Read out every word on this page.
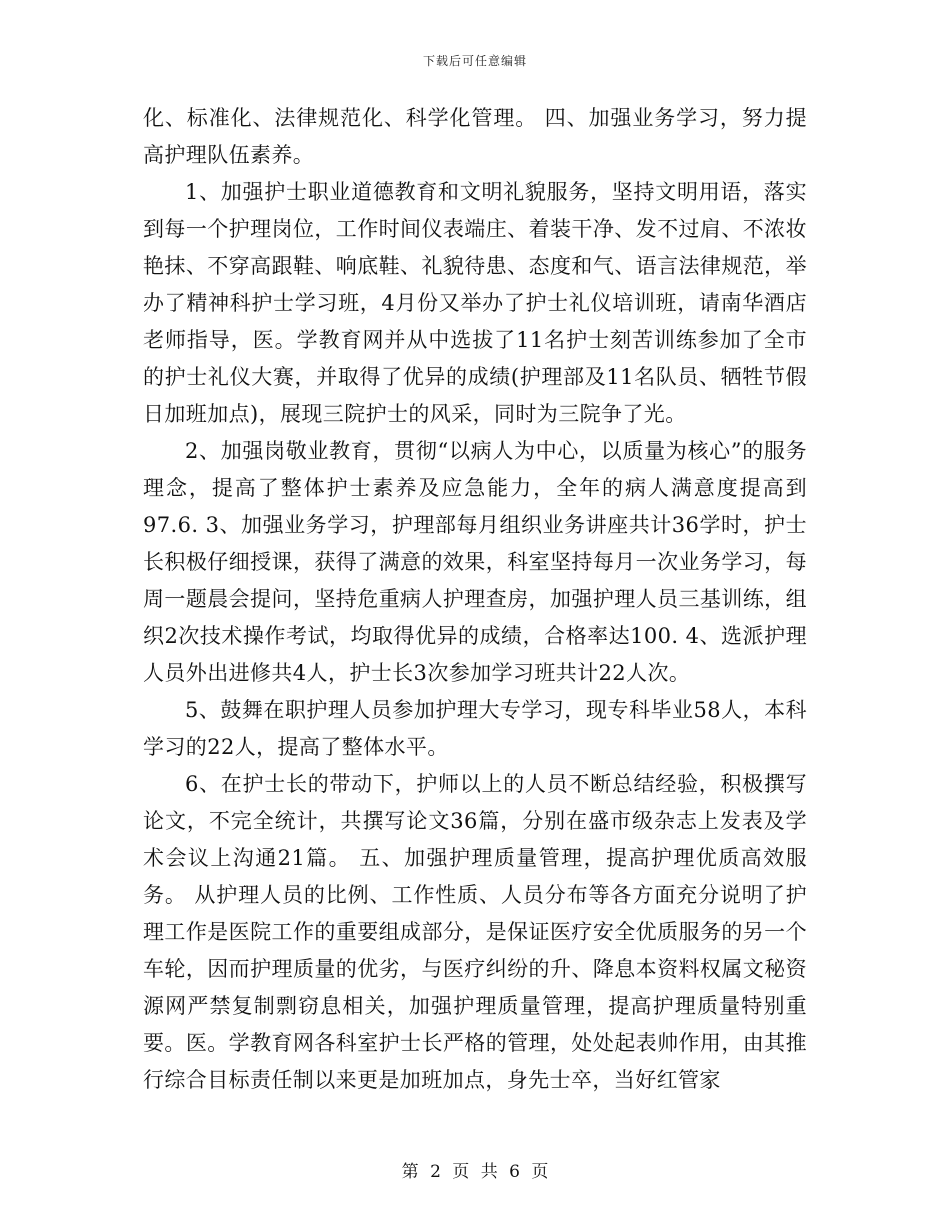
下载后可任意编辑

化、标准化、法律规范化、科学化管理。 四、加强业务学习，努力提高护理队伍素养。

1、加强护士职业道德教育和文明礼貌服务，坚持文明用语，落实到每一个护理岗位，工作时间仪表端庄、着装干净、发不过肩、不浓妆艳抹、不穿高跟鞋、响底鞋、礼貌待患、态度和气、语言法律规范，举办了精神科护士学习班，4月份又举办了护士礼仪培训班，请南华酒店老师指导，医。学教育网并从中选拔了11名护士刻苦训练参加了全市的护士礼仪大赛，并取得了优异的成绩(护理部及11名队员、牺牲节假日加班加点)，展现三院护士的风采，同时为三院争了光。

2、加强岗敬业教育，贯彻“以病人为中心，以质量为核心”的服务理念，提高了整体护士素养及应急能力，全年的病人满意度提高到97.6. 3、加强业务学习，护理部每月组织业务讲座共计36学时，护士长积极仔细授课，获得了满意的效果，科室坚持每月一次业务学习，每周一题晨会提问，坚持危重病人护理查房，加强护理人员三基训练，组织2次技术操作考试，均取得优异的成绩，合格率达100. 4、选派护理人员外出进修共4人，护士长3次参加学习班共计22人次。

5、鼓舞在职护理人员参加护理大专学习，现专科毕业58人，本科学习的22人，提高了整体水平。

6、在护士长的带动下，护师以上的人员不断总结经验，积极撰写论文，不完全统计，共撰写论文36篇，分别在盛市级杂志上发表及学术会议上沟通21篇。 五、加强护理质量管理，提高护理优质高效服务。 从护理人员的比例、工作性质、人员分布等各方面充分说明了护理工作是医院工作的重要组成部分，是保证医疗安全优质服务的另一个车轮，因而护理质量的优劣，与医疗纠纷的升、降息本资料权属文秘资源网严禁复制剽窃息相关，加强护理质量管理，提高护理质量特别重要。医。学教育网各科室护士长严格的管理，处处起表帅作用，由其推行综合目标责任制以来更是加班加点，身先士卒，当好红管家

第 2 页 共 6 页
